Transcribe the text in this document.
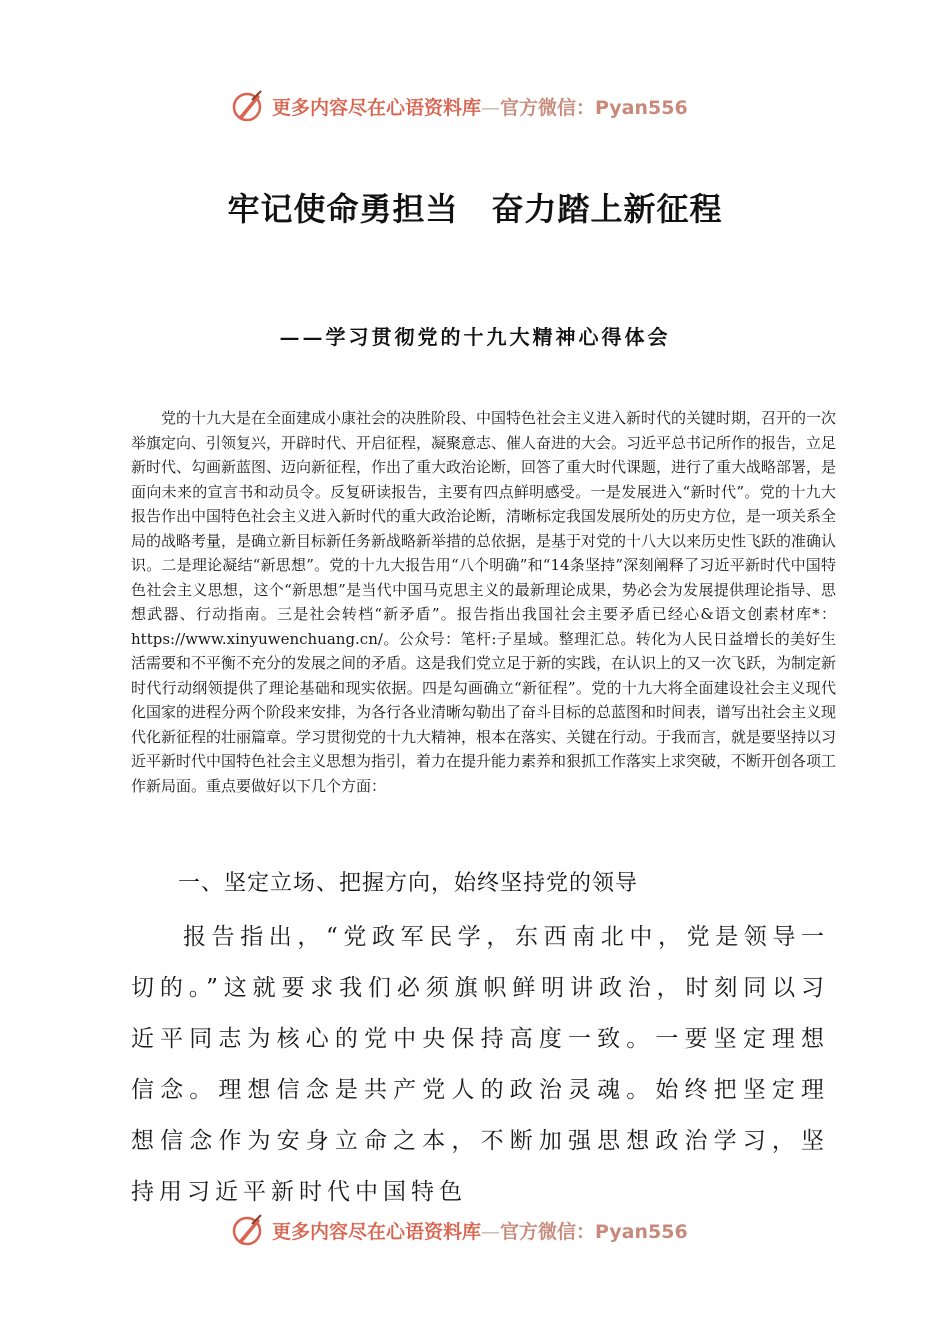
更多内容尽在心语资料库—官方微信：Pyan556
牢记使命勇担当　奋力踏上新征程
——学习贯彻党的十九大精神心得体会

党的十九大是在全面建成小康社会的决胜阶段、中国特色社会主义进入新时代的关键时期，召开的一次举旗定向、引领复兴，开辟时代、开启征程，凝聚意志、催人奋进的大会。习近平总书记所作的报告，立足新时代、勾画新蓝图、迈向新征程，作出了重大政治论断，回答了重大时代课题，进行了重大战略部署，是面向未来的宣言书和动员令。反复研读报告，主要有四点鲜明感受。一是发展进入“新时代”。党的十九大报告作出中国特色社会主义进入新时代的重大政治论断，清晰标定我国发展所处的历史方位，是一项关系全局的战略考量，是确立新目标新任务新战略新举措的总依据，是基于对党的十八大以来历史性飞跃的准确认识。二是理论凝结“新思想”。党的十九大报告用“八个明确”和“14条坚持”深刻阐释了习近平新时代中国特色社会主义思想，这个“新思想”是当代中国马克思主义的最新理论成果，势必会为发展提供理论指导、思想武器、行动指南。三是社会转档“新矛盾”。报告指出我国社会主要矛盾已经心&语文创素材库*：https://www.xinyuwenchuang.cn/。公众号：笔杆:子星域。整理汇总。转化为人民日益增长的美好生活需要和不平衡不充分的发展之间的矛盾。这是我们党立足于新的实践，在认识上的又一次飞跃，为制定新时代行动纲领提供了理论基础和现实依据。四是勾画确立“新征程”。党的十九大将全面建设社会主义现代化国家的进程分两个阶段来安排，为各行各业清晰勾勒出了奋斗目标的总蓝图和时间表，谱写出社会主义现代化新征程的壮丽篇章。学习贯彻党的十九大精神，根本在落实、关键在行动。于我而言，就是要坚持以习近平新时代中国特色社会主义思想为指引，着力在提升能力素养和狠抓工作落实上求突破，不断开创各项工作新局面。重点要做好以下几个方面：

一、坚定立场、把握方向，始终坚持党的领导

报告指出，“党政军民学，东西南北中，党是领导一切的。”这就要求我们必须旗帜鲜明讲政治，时刻同以习近平同志为核心的党中央保持高度一致。一要坚定理想信念。理想信念是共产党人的政治灵魂。始终把坚定理想信念作为安身立命之本，不断加强思想政治学习，坚持用习近平新时代中国特色

更多内容尽在心语资料库—官方微信：Pyan556
